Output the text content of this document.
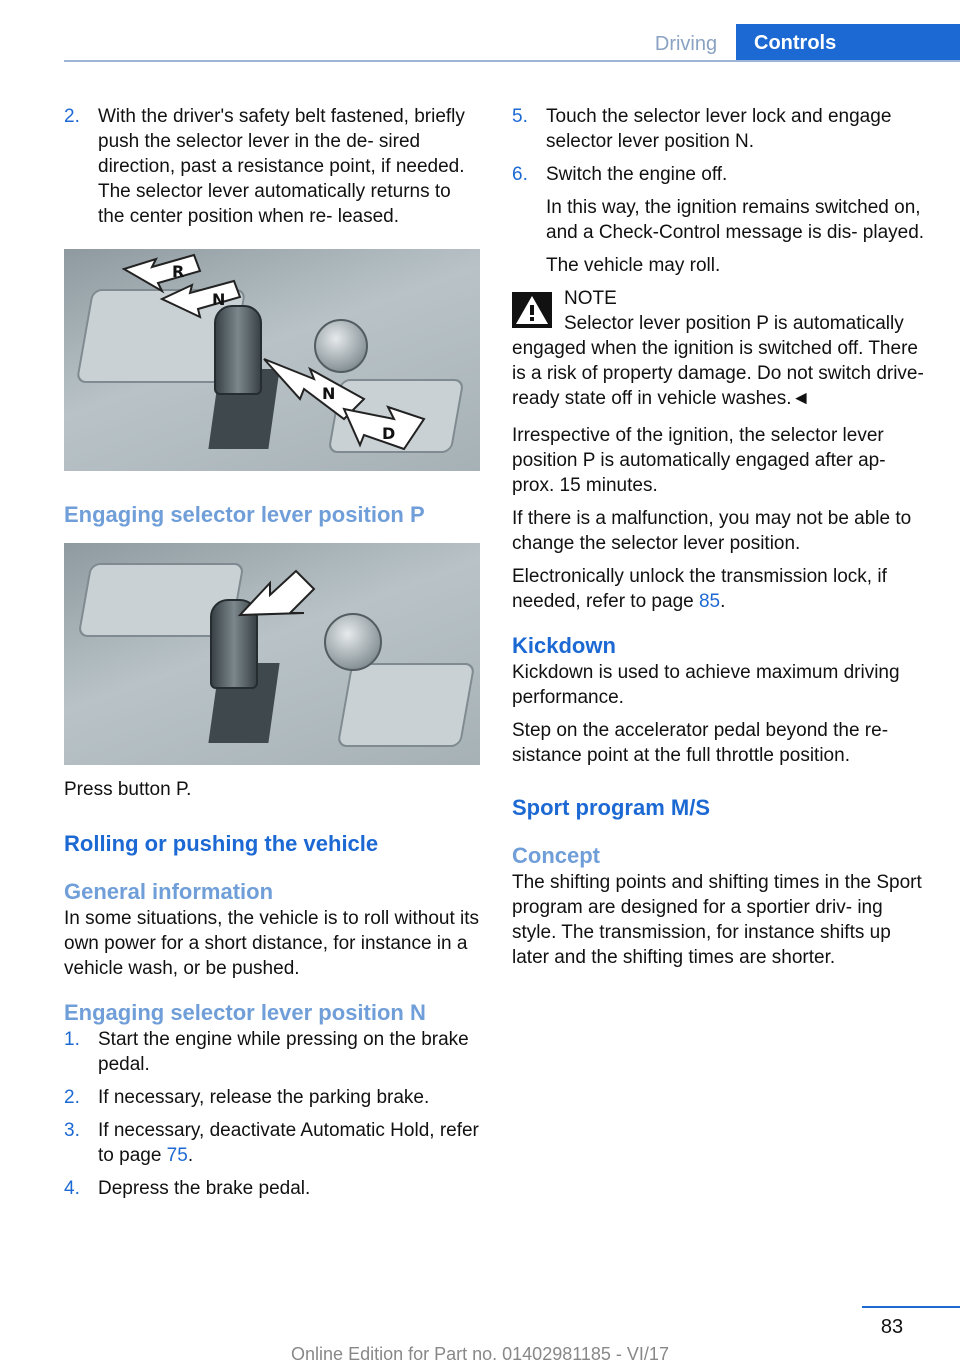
Driving	Controls
2. With the driver's safety belt fastened, briefly push the selector lever in the de‐ sired direction, past a resistance point, if needed. The selector lever automatically returns to the center position when re‐ leased.
R
N
N
D
Engaging selector lever position P

Press button P.

Rolling or pushing the vehicle
General information

In some situations, the vehicle is to roll without its own power for a short distance, for instance in a vehicle wash, or be pushed.

Engaging selector lever position N
1. Start the engine while pressing on the brake pedal.
2. If necessary, release the parking brake.
3. If necessary, deactivate Automatic Hold, refer to page 75.
4. Depress the brake pedal.
5. Touch the selector lever lock and engage selector lever position N.
6. Switch the engine off.
In this way, the ignition remains switched on, and a Check-Control message is dis‐ played.
The vehicle may roll.
NOTE

Selector lever position P is automatically engaged when the ignition is switched off. There is a risk of property damage. Do not switch drive-ready state off in vehicle washes.◄

Irrespective of the ignition, the selector lever position P is automatically engaged after ap‐ prox. 15 minutes.

If there is a malfunction, you may not be able to change the selector lever position.

Electronically unlock the transmission lock, if needed, refer to page 85.

Kickdown

Kickdown is used to achieve maximum driving performance.

Step on the accelerator pedal beyond the re‐ sistance point at the full throttle position.

Sport program M/S
Concept

The shifting points and shifting times in the Sport program are designed for a sportier driv‐ ing style. The transmission, for instance shifts up later and the shifting times are shorter.

83
Online Edition for Part no. 01402981185 - VI/17
